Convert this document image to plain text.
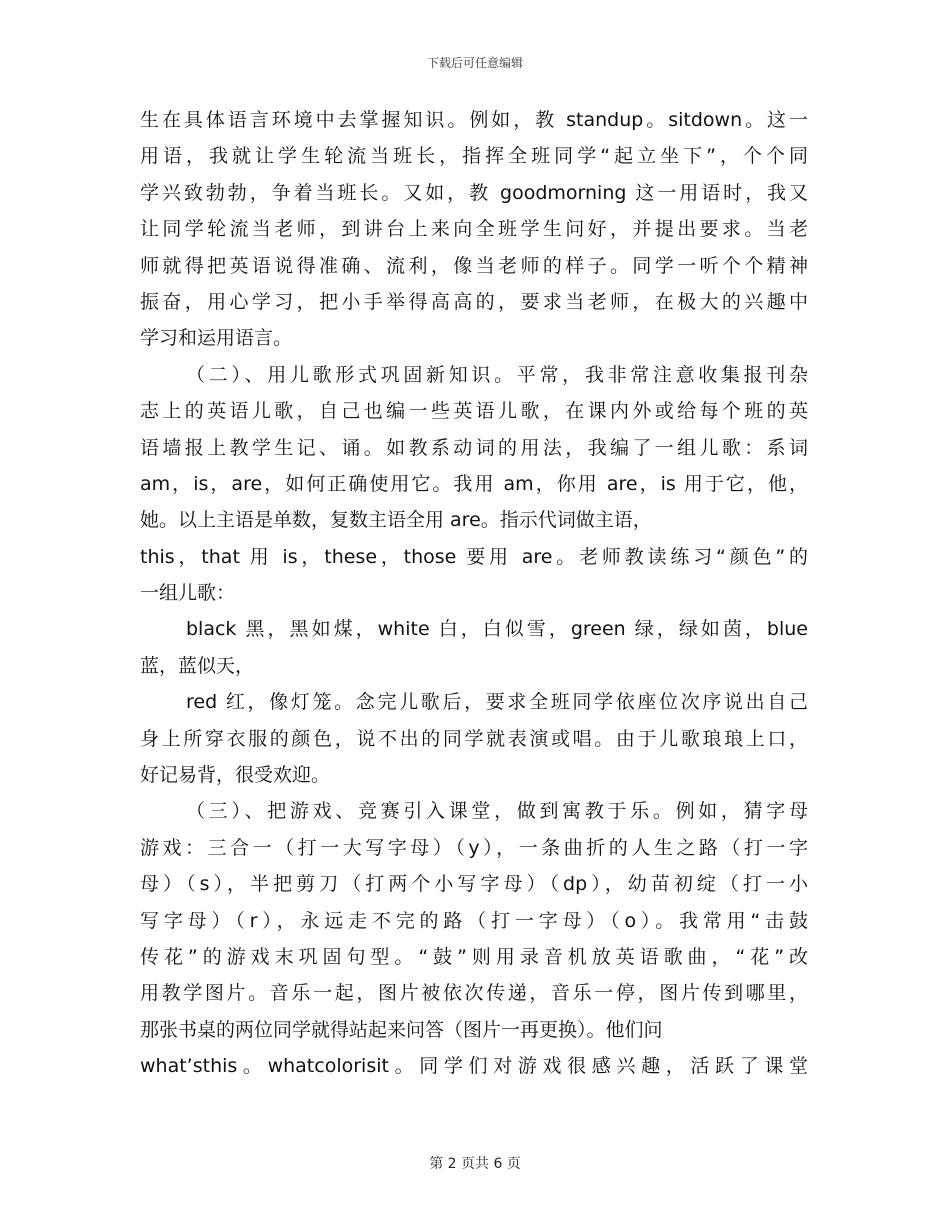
下载后可任意编辑
生在具体语言环境中去掌握知识。例如，教 standup。sitdown。这一
用语，我就让学生轮流当班长，指挥全班同学“起立坐下”，个个同
学兴致勃勃，争着当班长。又如，教 goodmorning 这一用语时，我又
让同学轮流当老师，到讲台上来向全班学生问好，并提出要求。当老
师就得把英语说得准确、流利，像当老师的样子。同学一听个个精神
振奋，用心学习，把小手举得高高的，要求当老师，在极大的兴趣中
学习和运用语言。
（二）、用儿歌形式巩固新知识。平常，我非常注意收集报刊杂
志上的英语儿歌，自己也编一些英语儿歌，在课内外或给每个班的英
语墙报上教学生记、诵。如教系动词的用法，我编了一组儿歌：系词
am，is，are，如何正确使用它。我用 am，你用 are，is 用于它，他，
她。以上主语是单数，复数主语全用 are。指示代词做主语，
this，that 用 is，these，those 要用 are。老师教读练习“颜色”的
一组儿歌：
black 黑，黑如煤，white 白，白似雪，green 绿，绿如茵，blue
蓝，蓝似天，
red 红，像灯笼。念完儿歌后，要求全班同学依座位次序说出自己
身上所穿衣服的颜色，说不出的同学就表演或唱。由于儿歌琅琅上口，
好记易背，很受欢迎。
（三）、把游戏、竞赛引入课堂，做到寓教于乐。例如，猜字母
游戏：三合一（打一大写字母）（y），一条曲折的人生之路（打一字
母）（s），半把剪刀（打两个小写字母）（dp），幼苗初绽（打一小
写字母）（r），永远走不完的路（打一字母）（o）。我常用“击鼓
传花”的游戏末巩固句型。“鼓”则用录音机放英语歌曲，“花”改
用教学图片。音乐一起，图片被依次传递，音乐一停，图片传到哪里，
那张书桌的两位同学就得站起来问答（图片一再更换）。他们问
what’sthis。whatcolorisit。同学们对游戏很感兴趣，活跃了课堂
第 2 页共 6 页
